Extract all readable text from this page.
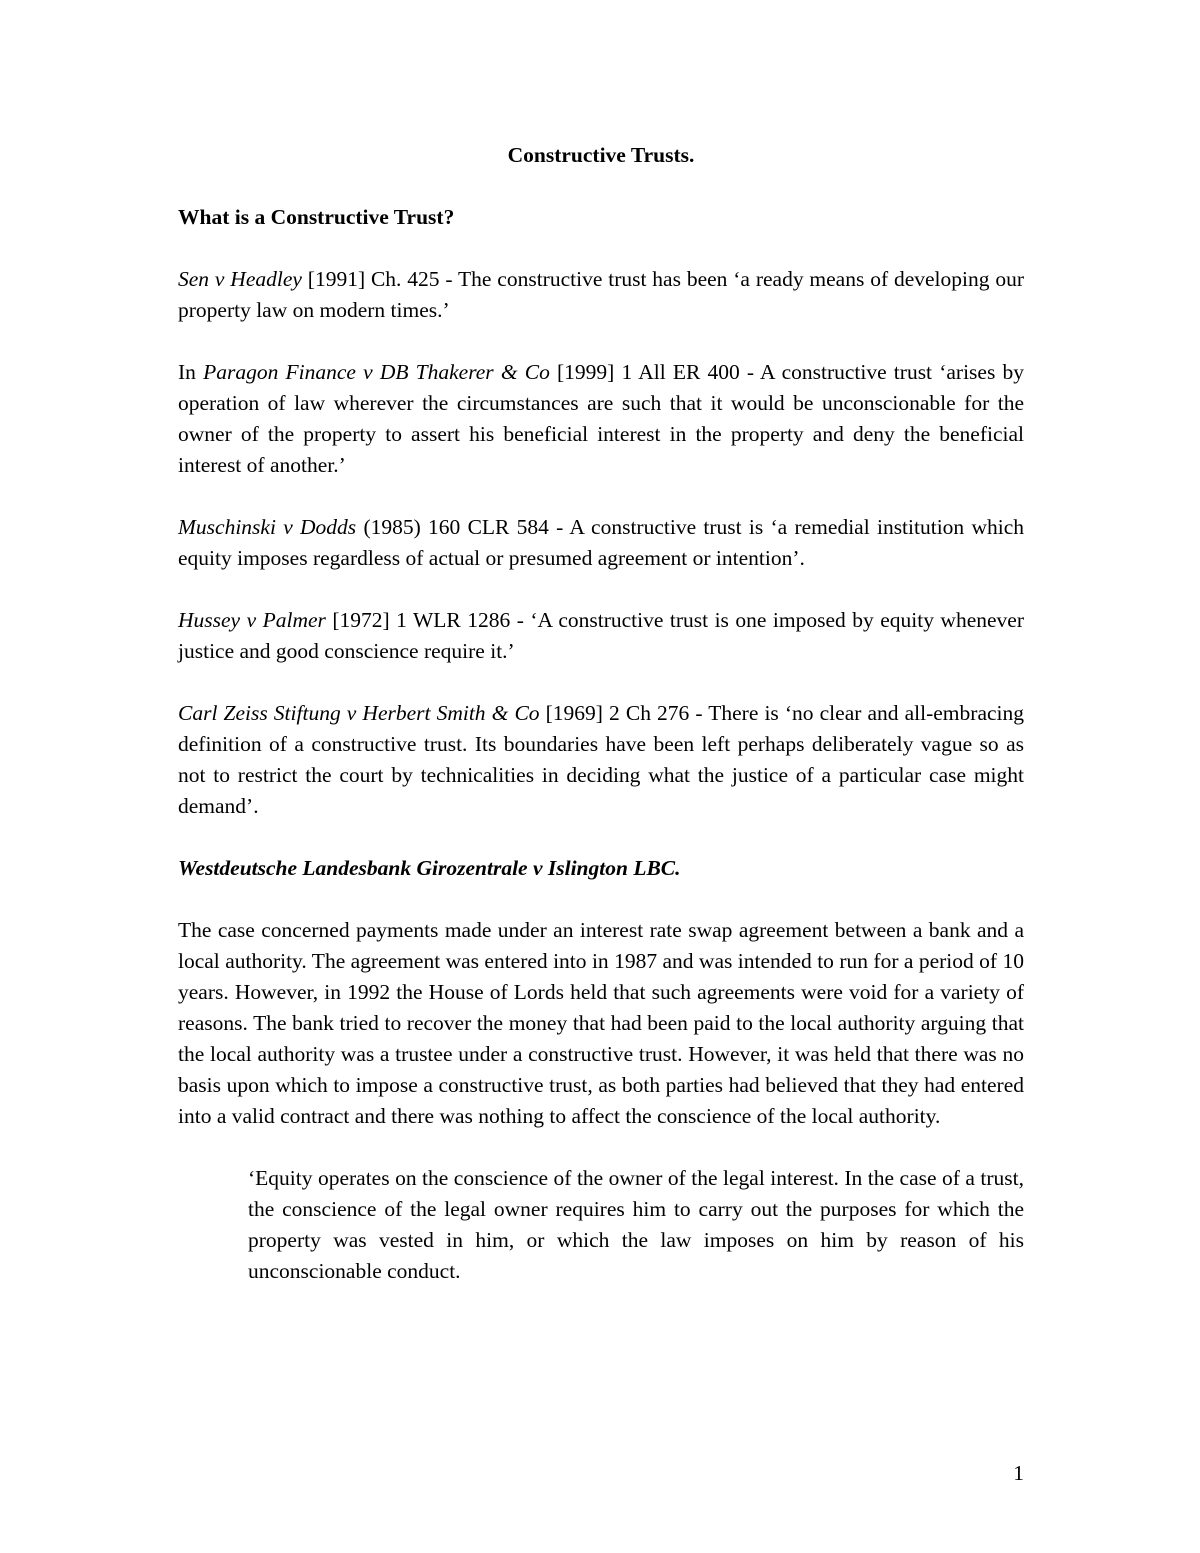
Constructive Trusts.
What is a Constructive Trust?

Sen v Headley [1991] Ch. 425 - The constructive trust has been ‘a ready means of developing our property law on modern times.’

In Paragon Finance v DB Thakerer & Co [1999] 1 All ER 400 - A constructive trust ‘arises by operation of law wherever the circumstances are such that it would be unconscionable for the owner of the property to assert his beneficial interest in the property and deny the beneficial interest of another.’

Muschinski v Dodds (1985) 160 CLR 584 - A constructive trust is ‘a remedial institution which equity imposes regardless of actual or presumed agreement or intention’.

Hussey v Palmer [1972] 1 WLR 1286 - ‘A constructive trust is one imposed by equity whenever justice and good conscience require it.’

Carl Zeiss Stiftung v Herbert Smith & Co [1969] 2 Ch 276 - There is ‘no clear and all-embracing definition of a constructive trust. Its boundaries have been left perhaps deliberately vague so as not to restrict the court by technicalities in deciding what the justice of a particular case might demand’.

Westdeutsche Landesbank Girozentrale v Islington LBC.

The case concerned payments made under an interest rate swap agreement between a bank and a local authority. The agreement was entered into in 1987 and was intended to run for a period of 10 years. However, in 1992 the House of Lords held that such agreements were void for a variety of reasons. The bank tried to recover the money that had been paid to the local authority arguing that the local authority was a trustee under a constructive trust. However, it was held that there was no basis upon which to impose a constructive trust, as both parties had believed that they had entered into a valid contract and there was nothing to affect the conscience of the local authority.

‘Equity operates on the conscience of the owner of the legal interest. In the case of a trust, the conscience of the legal owner requires him to carry out the purposes for which the property was vested in him, or which the law imposes on him by reason of his unconscionable conduct.

1
